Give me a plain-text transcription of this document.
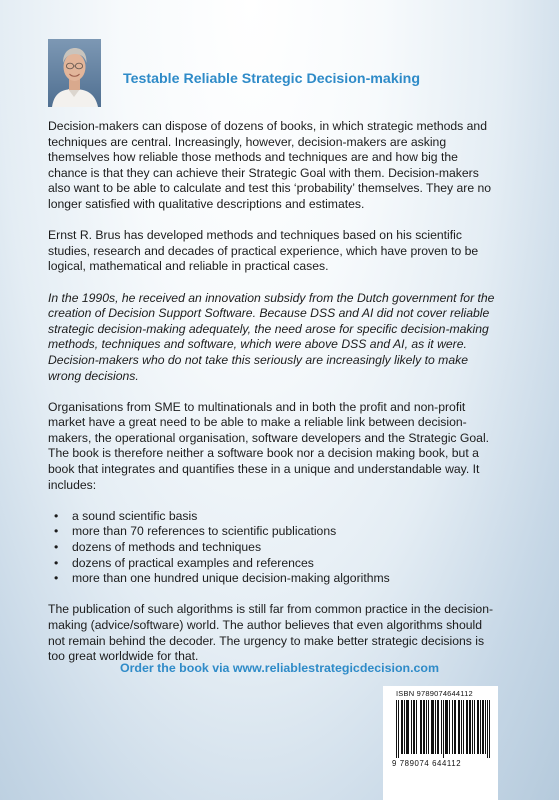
Testable Reliable Strategic Decision-making

Decision-makers can dispose of dozens of books, in which strategic methods and techniques are central. Increasingly, however, decision-makers are asking themselves how reliable those methods and techniques are and how big the chance is that they can achieve their Strategic Goal with them. Decision-makers also want to be able to calculate and test this ‘probability’ themselves. They are no longer satisfied with qualitative descriptions and estimates.

Ernst R. Brus has developed methods and techniques based on his scientific studies, research and decades of practical experience, which have proven to be logical, mathematical and reliable in practical cases.

In the 1990s, he received an innovation subsidy from the Dutch government for the creation of Decision Support Software. Because DSS and AI did not cover reliable strategic decision-making adequately, the need arose for specific decision-making methods, techniques and software, which were above DSS and AI, as it were. Decision-makers who do not take this seriously are increasingly likely to make wrong decisions.

Organisations from SME to multinationals and in both the profit and non-profit market have a great need to be able to make a reliable link between decision-makers, the operational organisation, software developers and the Strategic Goal. The book is therefore neither a software book nor a decision making book, but a book that integrates and quantifies these in a unique and understandable way. It includes:

• a sound scientific basis
• more than 70 references to scientific publications
• dozens of methods and techniques
• dozens of practical examples and references
• more than one hundred unique decision-making algorithms

The publication of such algorithms is still far from common practice in the decision-making (advice/software) world. The author believes that even algorithms should not remain behind the decoder. The urgency to make better strategic decisions is too great worldwide for that.

Order the book via www.reliablestrategicdecision.com
ISBN 9789074644112
9 789074 644112
